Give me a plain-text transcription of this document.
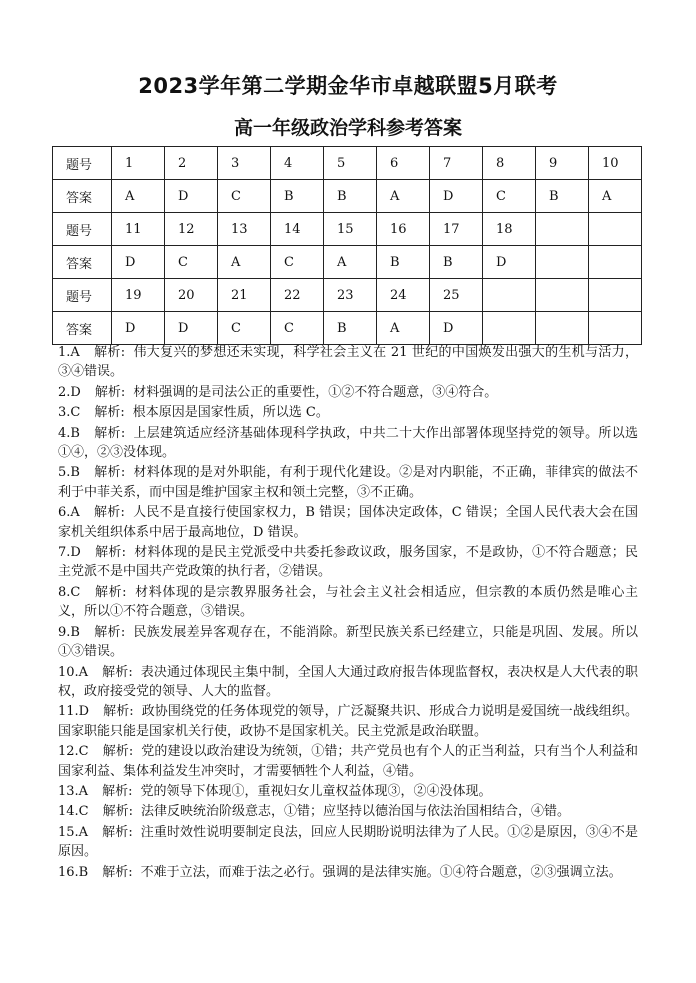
2023学年第二学期金华市卓越联盟5月联考
高一年级政治学科参考答案
题号	1	2	3	4	5	6	7	8	9	10
答案	A	D	C	B	B	A	D	C	B	A
题号	11	12	13	14	15	16	17	18		
答案	D	C	A	C	A	B	B	D		
题号	19	20	21	22	23	24	25			
答案	D	D	C	C	B	A	D			

1.A 解析: 伟大复兴的梦想还未实现，科学社会主义在 21 世纪的中国焕发出强大的生机与活力，③④错误。

2.D 解析: 材料强调的是司法公正的重要性，①②不符合题意，③④符合。

3.C 解析: 根本原因是国家性质，所以选 C。

4.B 解析: 上层建筑适应经济基础体现科学执政，中共二十大作出部署体现坚持党的领导。所以选①④，②③没体现。

5.B 解析: 材料体现的是对外职能，有利于现代化建设。②是对内职能，不正确，菲律宾的做法不利于中菲关系，而中国是维护国家主权和领土完整，③不正确。

6.A 解析: 人民不是直接行使国家权力，B 错误；国体决定政体，C 错误；全国人民代表大会在国家机关组织体系中居于最高地位，D 错误。

7.D 解析: 材料体现的是民主党派受中共委托参政议政，服务国家，不是政协，①不符合题意；民主党派不是中国共产党政策的执行者，②错误。

8.C 解析: 材料体现的是宗教界服务社会，与社会主义社会相适应，但宗教的本质仍然是唯心主义，所以①不符合题意，③错误。

9.B 解析: 民族发展差异客观存在，不能消除。新型民族关系已经建立，只能是巩固、发展。所以①③错误。

10.A 解析: 表决通过体现民主集中制，全国人大通过政府报告体现监督权，表决权是人大代表的职权，政府接受党的领导、人大的监督。

11.D 解析: 政协围绕党的任务体现党的领导，广泛凝聚共识、形成合力说明是爱国统一战线组织。国家职能只能是国家机关行使，政协不是国家机关。民主党派是政治联盟。

12.C 解析: 党的建设以政治建设为统领，①错；共产党员也有个人的正当利益，只有当个人利益和国家利益、集体利益发生冲突时，才需要牺牲个人利益，④错。

13.A 解析: 党的领导下体现①，重视妇女儿童权益体现③，②④没体现。

14.C 解析: 法律反映统治阶级意志，①错；应坚持以德治国与依法治国相结合，④错。

15.A 解析: 注重时效性说明要制定良法，回应人民期盼说明法律为了人民。①②是原因，③④不是原因。

16.B 解析: 不难于立法，而难于法之必行。强调的是法律实施。①④符合题意，②③强调立法。
